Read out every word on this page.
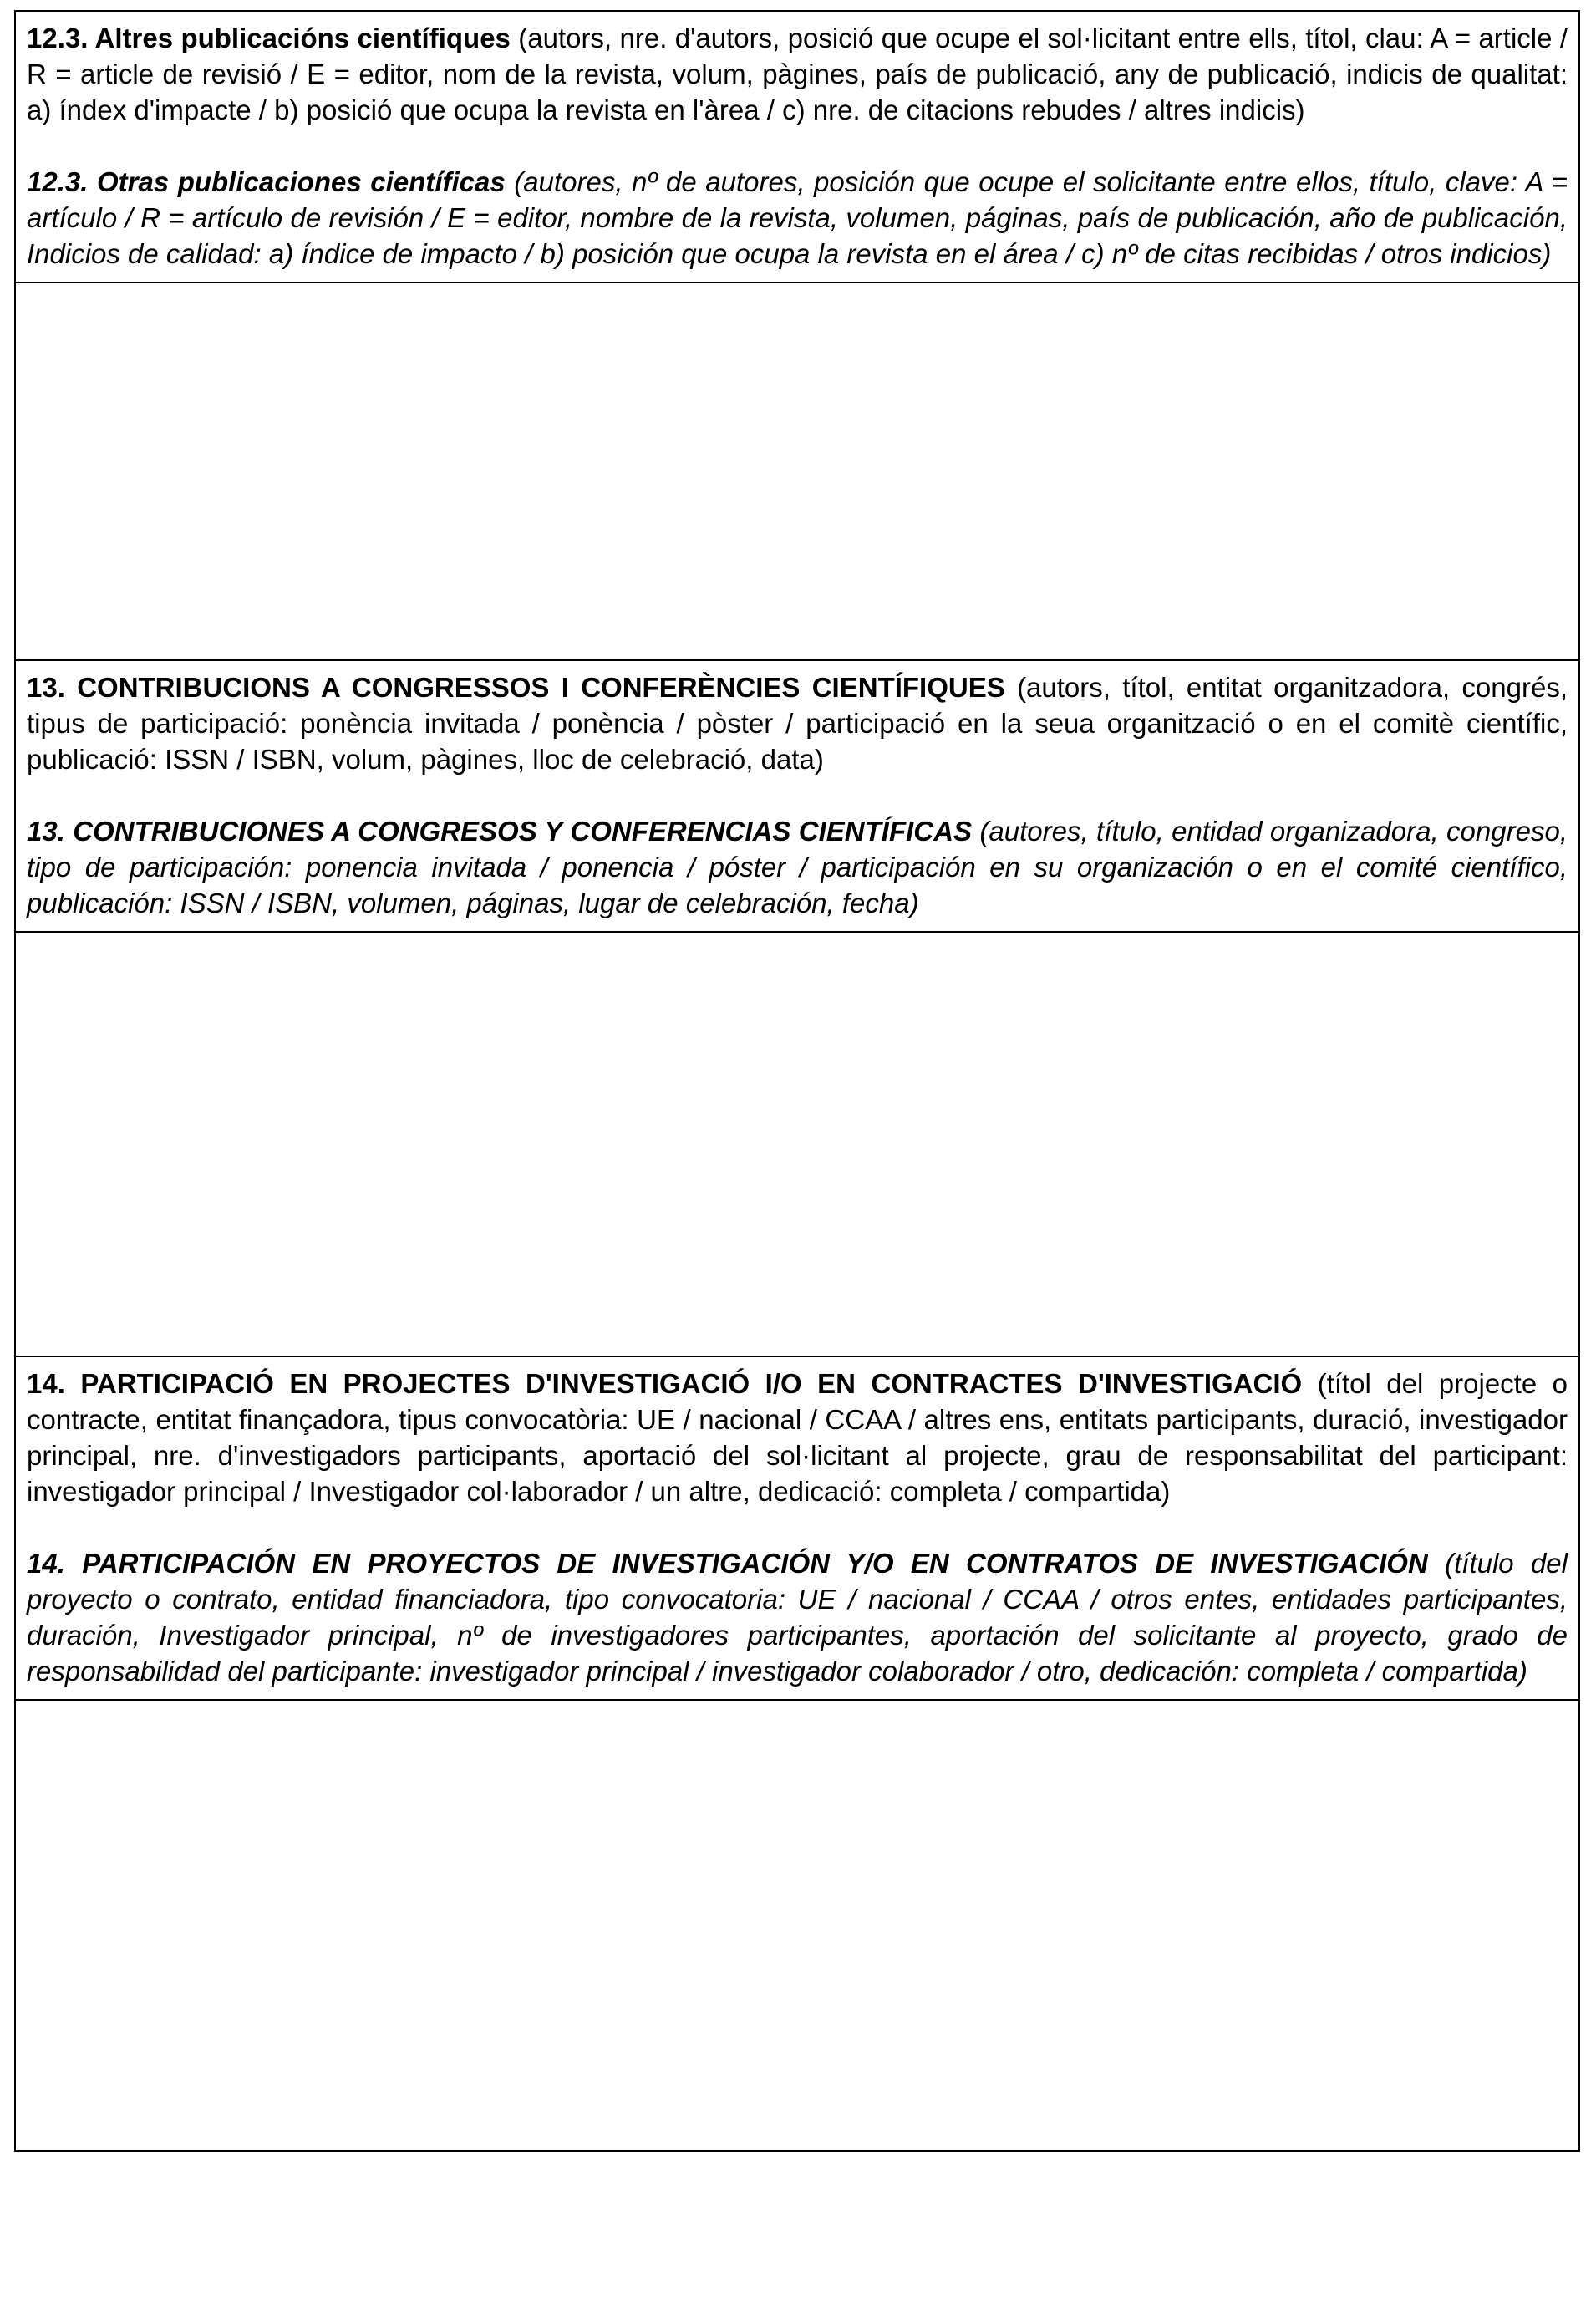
12.3. Altres publicacións científiques (autors, nre. d'autors, posició que ocupe el sol·licitant entre ells, títol, clau: A = article / R = article de revisió / E = editor, nom de la revista, volum, pàgines, país de publicació, any de publicació, indicis de qualitat: a) índex d'impacte / b) posició que ocupa la revista en l'àrea / c) nre. de citacions rebudes / altres indicis)

12.3. Otras publicaciones científicas (autores, nº de autores, posición que ocupe el solicitante entre ellos, título, clave: A = artículo / R = artículo de revisión / E = editor, nombre de la revista, volumen, páginas, país de publicación, año de publicación, Indicios de calidad: a) índice de impacto / b) posición que ocupa la revista en el área / c) nº de citas recibidas / otros indicios)

13. CONTRIBUCIONS A CONGRESSOS I CONFERÈNCIES CIENTÍFIQUES (autors, títol, entitat organitzadora, congrés, tipus de participació: ponència invitada / ponència / pòster / participació en la seua organització o en el comitè científic, publicació: ISSN / ISBN, volum, pàgines, lloc de celebració, data)

13. CONTRIBUCIONES A CONGRESOS Y CONFERENCIAS CIENTÍFICAS (autores, título, entidad organizadora, congreso, tipo de participación: ponencia invitada / ponencia / póster / participación en su organización o en el comité científico, publicación: ISSN / ISBN, volumen, páginas, lugar de celebración, fecha)

14. PARTICIPACIÓ EN PROJECTES D'INVESTIGACIÓ I/O EN CONTRACTES D'INVESTIGACIÓ (títol del projecte o contracte, entitat finançadora, tipus convocatòria: UE / nacional / CCAA / altres ens, entitats participants, duració, investigador principal, nre. d'investigadors participants, aportació del sol·licitant al projecte, grau de responsabilitat del participant: investigador principal / Investigador col·laborador / un altre, dedicació: completa / compartida)

14. PARTICIPACIÓN EN PROYECTOS DE INVESTIGACIÓN Y/O EN CONTRATOS DE INVESTIGACIÓN (título del proyecto o contrato, entidad financiadora, tipo convocatoria: UE / nacional / CCAA / otros entes, entidades participantes, duración, Investigador principal, nº de investigadores participantes, aportación del solicitante al proyecto, grado de responsabilidad del participante: investigador principal / investigador colaborador / otro, dedicación: completa / compartida)
